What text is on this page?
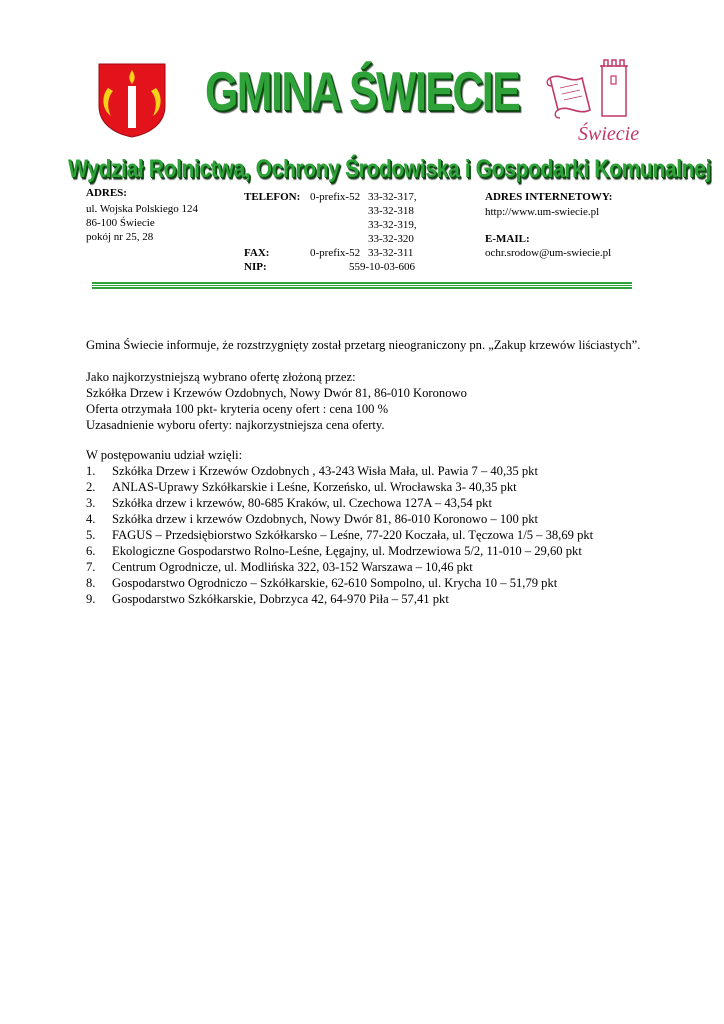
GMINA ŚWIECIE
Świecie
Wydział Rolnictwa, Ochrony Środowiska i Gospodarki Komunalnej
ADRES:
ul. Wojska Polskiego 124
86-100 Świecie
pokój nr 25, 28
TELEFON: 0-prefix-52 33-32-317,
33-32-318
33-32-319,
33-32-320
FAX:	0-prefix-52 33-32-311
NIP:	559-10-03-606
ADRES INTERNETOWY:
http://www.um-swiecie.pl
E-MAIL:
ochr.srodow@um-swiecie.pl
Gmina Świecie informuje, że rozstrzygnięty został przetarg nieograniczony pn. „Zakup krzewów liściastych”.
Jako najkorzystniejszą wybrano ofertę złożoną przez:
Szkółka Drzew i Krzewów Ozdobnych, Nowy Dwór 81, 86-010 Koronowo
Oferta otrzymała 100 pkt- kryteria oceny ofert : cena 100 %
Uzasadnienie wyboru oferty: najkorzystniejsza cena oferty.
W postępowaniu udział wzięli:
1. Szkółka Drzew i Krzewów Ozdobnych , 43-243 Wisła Mała, ul. Pawia 7 – 40,35 pkt
2. ANLAS-Uprawy Szkółkarskie i Leśne, Korzeńsko, ul. Wrocławska 3- 40,35 pkt
3. Szkółka drzew i krzewów, 80-685 Kraków, ul. Czechowa 127A – 43,54 pkt
4. Szkółka drzew i krzewów Ozdobnych, Nowy Dwór 81, 86-010 Koronowo – 100 pkt
5. FAGUS – Przedsiębiorstwo Szkółkarsko – Leśne, 77-220 Koczała, ul. Tęczowa 1/5 – 38,69 pkt
6. Ekologiczne Gospodarstwo Rolno-Leśne, Łęgajny, ul. Modrzewiowa 5/2, 11-010 – 29,60 pkt
7. Centrum Ogrodnicze, ul. Modlińska 322, 03-152 Warszawa – 10,46 pkt
8. Gospodarstwo Ogrodniczo – Szkółkarskie, 62-610 Sompolno, ul. Krycha 10 – 51,79 pkt
9. Gospodarstwo Szkółkarskie, Dobrzyca 42, 64-970 Piła – 57,41 pkt
